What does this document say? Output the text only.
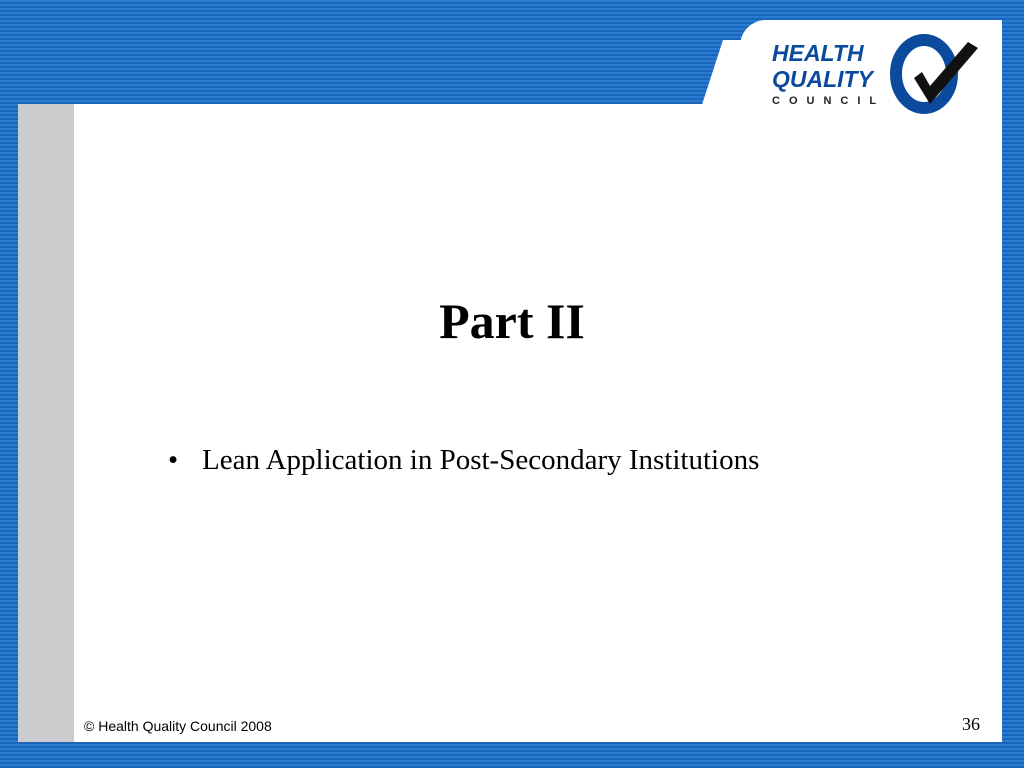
HEALTH
QUALITY
COUNCIL
Part II
• Lean Application in Post-Secondary Institutions
© Health Quality Council 2008	36
